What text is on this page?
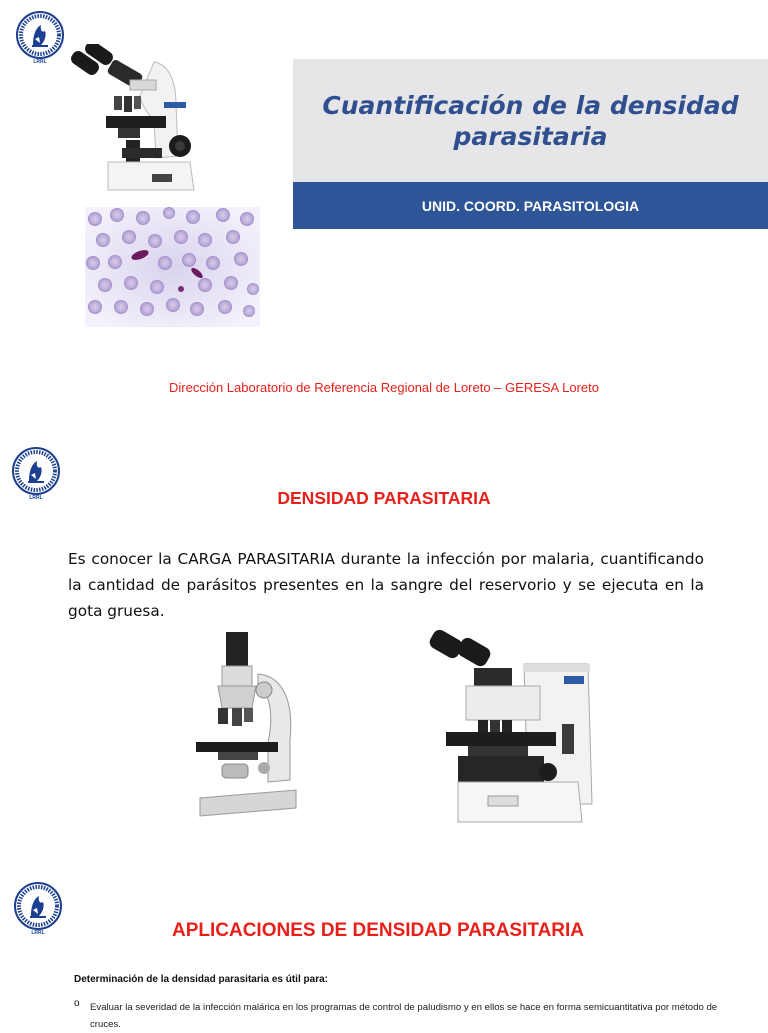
Cuantificación de la densidad parasitaria
UNID. COORD. PARASITOLOGIA
Dirección Laboratorio de Referencia Regional de Loreto – GERESA Loreto
DENSIDAD PARASITARIA
Es conocer la CARGA PARASITARIA durante la infección por malaria, cuantificando la cantidad de parásitos presentes en la sangre del reservorio y se ejecuta en la gota gruesa.
APLICACIONES DE DENSIDAD PARASITARIA
Determinación de la densidad parasitaria es útil para:
o Evaluar la severidad de la infección malárica en los programas de control de paludismo y en ellos se hace en forma semicuantitativa por método de cruces.
